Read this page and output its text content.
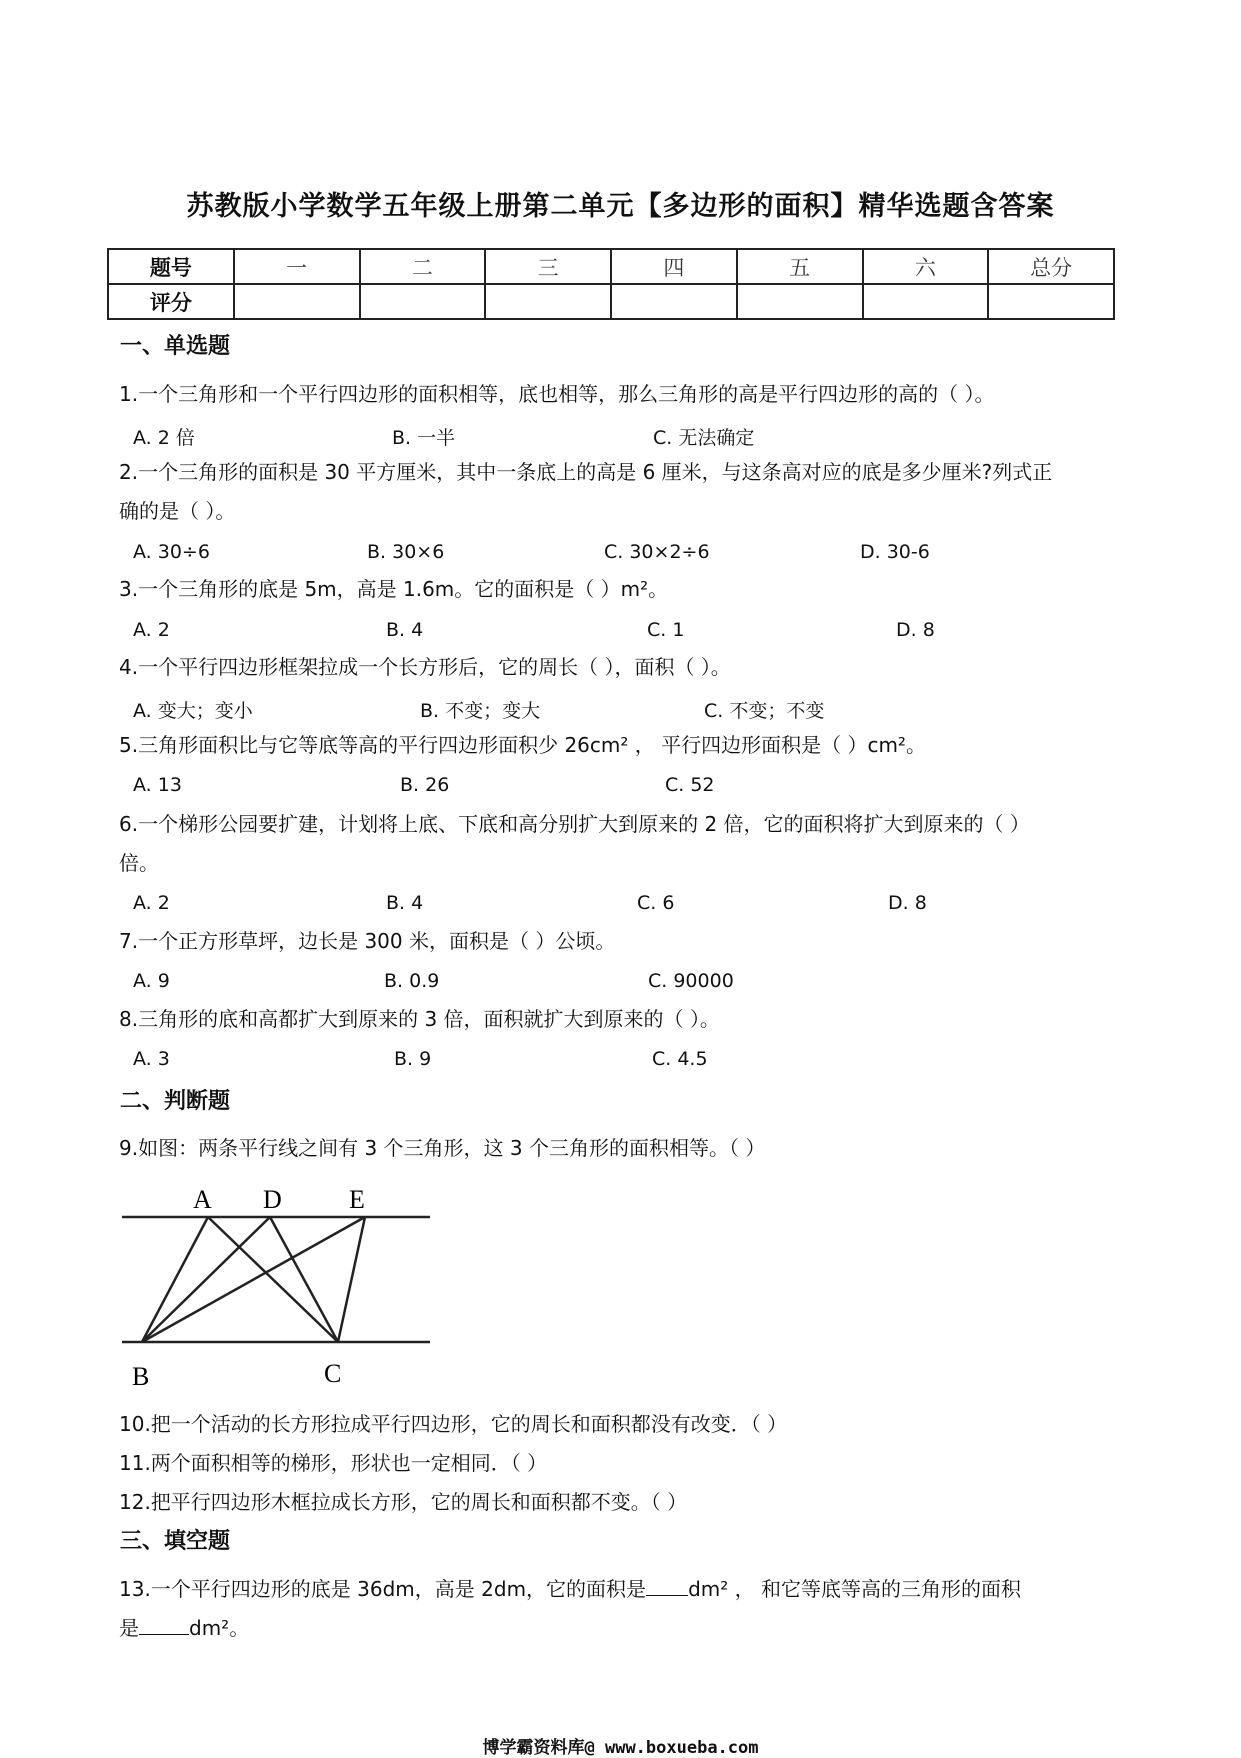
苏教版小学数学五年级上册第二单元【多边形的面积】精华选题含答案
题号	一	二	三	四	五	六	总分
评分							
一、单选题
1.一个三角形和一个平行四边形的面积相等，底也相等，那么三角形的高是平行四边形的高的（ ）。
A. 2 倍	B. 一半	C. 无法确定
2.一个三角形的面积是 30 平方厘米，其中一条底上的高是 6 厘米，与这条高对应的底是多少厘米?列式正
确的是（ ）。
A. 30÷6	B. 30×6	C. 30×2÷6	D. 30-6
3.一个三角形的底是 5m，高是 1.6m。它的面积是（ ）m²。
A. 2	B. 4	C. 1	D. 8
4.一个平行四边形框架拉成一个长方形后，它的周长（ ），面积（ ）。
A. 变大；变小	B. 不变；变大	C. 不变；不变
5.三角形面积比与它等底等高的平行四边形面积少 26cm² ， 平行四边形面积是（ ）cm²。
A. 13	B. 26	C. 52
6.一个梯形公园要扩建，计划将上底、下底和高分别扩大到原来的 2 倍，它的面积将扩大到原来的（ ）
倍。
A. 2	B. 4	C. 6	D. 8
7.一个正方形草坪，边长是 300 米，面积是（ ）公顷。
A. 9	B. 0.9	C. 90000
8.三角形的底和高都扩大到原来的 3 倍，面积就扩大到原来的（ ）。
A. 3	B. 9	C. 4.5
二、判断题
9.如图：两条平行线之间有 3 个三角形，这 3 个三角形的面积相等。（ ）
A D	E
B	C
10.把一个活动的长方形拉成平行四边形，它的周长和面积都没有改变．（ ）
11.两个面积相等的梯形，形状也一定相同．（ ）
12.把平行四边形木框拉成长方形，它的周长和面积都不变。（ ）
三、填空题
13.一个平行四边形的底是 36dm，高是 2dm，它的面积是 dm² ， 和它等底等高的三角形的面积
是	dm²。
博学霸资料库@ www.boxueba.com
